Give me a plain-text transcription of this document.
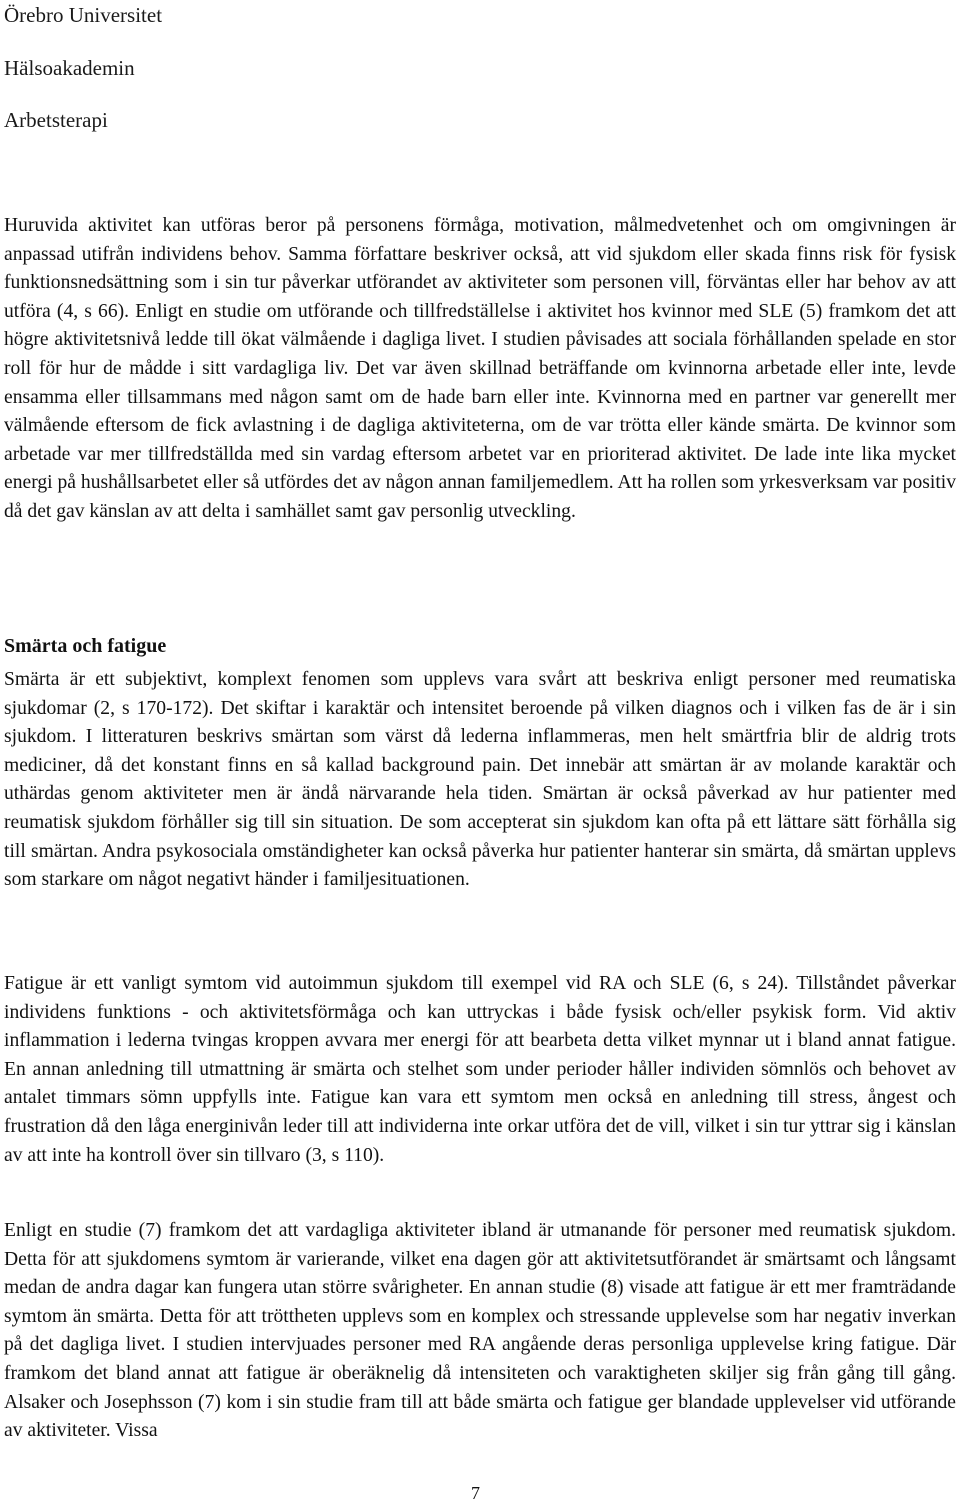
Örebro Universitet
Hälsoakademin
Arbetsterapi

Huruvida aktivitet kan utföras beror på personens förmåga, motivation, målmedvetenhet och om omgivningen är anpassad utifrån individens behov. Samma författare beskriver också, att vid sjukdom eller skada finns risk för fysisk funktionsnedsättning som i sin tur påverkar utförandet av aktiviteter som personen vill, förväntas eller har behov av att utföra (4, s 66). Enligt en studie om utförande och tillfredställelse i aktivitet hos kvinnor med SLE (5) framkom det att högre aktivitetsnivå ledde till ökat välmående i dagliga livet. I studien påvisades att sociala förhållanden spelade en stor roll för hur de mådde i sitt vardagliga liv. Det var även skillnad beträffande om kvinnorna arbetade eller inte, levde ensamma eller tillsammans med någon samt om de hade barn eller inte. Kvinnorna med en partner var generellt mer välmående eftersom de fick avlastning i de dagliga aktiviteterna, om de var trötta eller kände smärta. De kvinnor som arbetade var mer tillfredställda med sin vardag eftersom arbetet var en prioriterad aktivitet. De lade inte lika mycket energi på hushållsarbetet eller så utfördes det av någon annan familjemedlem. Att ha rollen som yrkesverksam var positiv då det gav känslan av att delta i samhället samt gav personlig utveckling.

Smärta och fatigue

Smärta är ett subjektivt, komplext fenomen som upplevs vara svårt att beskriva enligt personer med reumatiska sjukdomar (2, s 170-172). Det skiftar i karaktär och intensitet beroende på vilken diagnos och i vilken fas de är i sin sjukdom. I litteraturen beskrivs smärtan som värst då lederna inflammeras, men helt smärtfria blir de aldrig trots mediciner, då det konstant finns en så kallad background pain. Det innebär att smärtan är av molande karaktär och uthärdas genom aktiviteter men är ändå närvarande hela tiden. Smärtan är också påverkad av hur patienter med reumatisk sjukdom förhåller sig till sin situation. De som accepterat sin sjukdom kan ofta på ett lättare sätt förhålla sig till smärtan. Andra psykosociala omständigheter kan också påverka hur patienter hanterar sin smärta, då smärtan upplevs som starkare om något negativt händer i familjesituationen.

Fatigue är ett vanligt symtom vid autoimmun sjukdom till exempel vid RA och SLE (6, s 24). Tillståndet påverkar individens funktions - och aktivitetsförmåga och kan uttryckas i både fysisk och/eller psykisk form. Vid aktiv inflammation i lederna tvingas kroppen avvara mer energi för att bearbeta detta vilket mynnar ut i bland annat fatigue. En annan anledning till utmattning är smärta och stelhet som under perioder håller individen sömnlös och behovet av antalet timmars sömn uppfylls inte. Fatigue kan vara ett symtom men också en anledning till stress, ångest och frustration då den låga energinivån leder till att individerna inte orkar utföra det de vill, vilket i sin tur yttrar sig i känslan av att inte ha kontroll över sin tillvaro (3, s 110).

Enligt en studie (7) framkom det att vardagliga aktiviteter ibland är utmanande för personer med reumatisk sjukdom. Detta för att sjukdomens symtom är varierande, vilket ena dagen gör att aktivitetsutförandet är smärtsamt och långsamt medan de andra dagar kan fungera utan större svårigheter. En annan studie (8) visade att fatigue är ett mer framträdande symtom än smärta. Detta för att tröttheten upplevs som en komplex och stressande upplevelse som har negativ inverkan på det dagliga livet. I studien intervjuades personer med RA angående deras personliga upplevelse kring fatigue. Där framkom det bland annat att fatigue är oberäknelig då intensiteten och varaktigheten skiljer sig från gång till gång. Alsaker och Josephsson (7) kom i sin studie fram till att både smärta och fatigue ger blandade upplevelser vid utförande av aktiviteter. Vissa

7
